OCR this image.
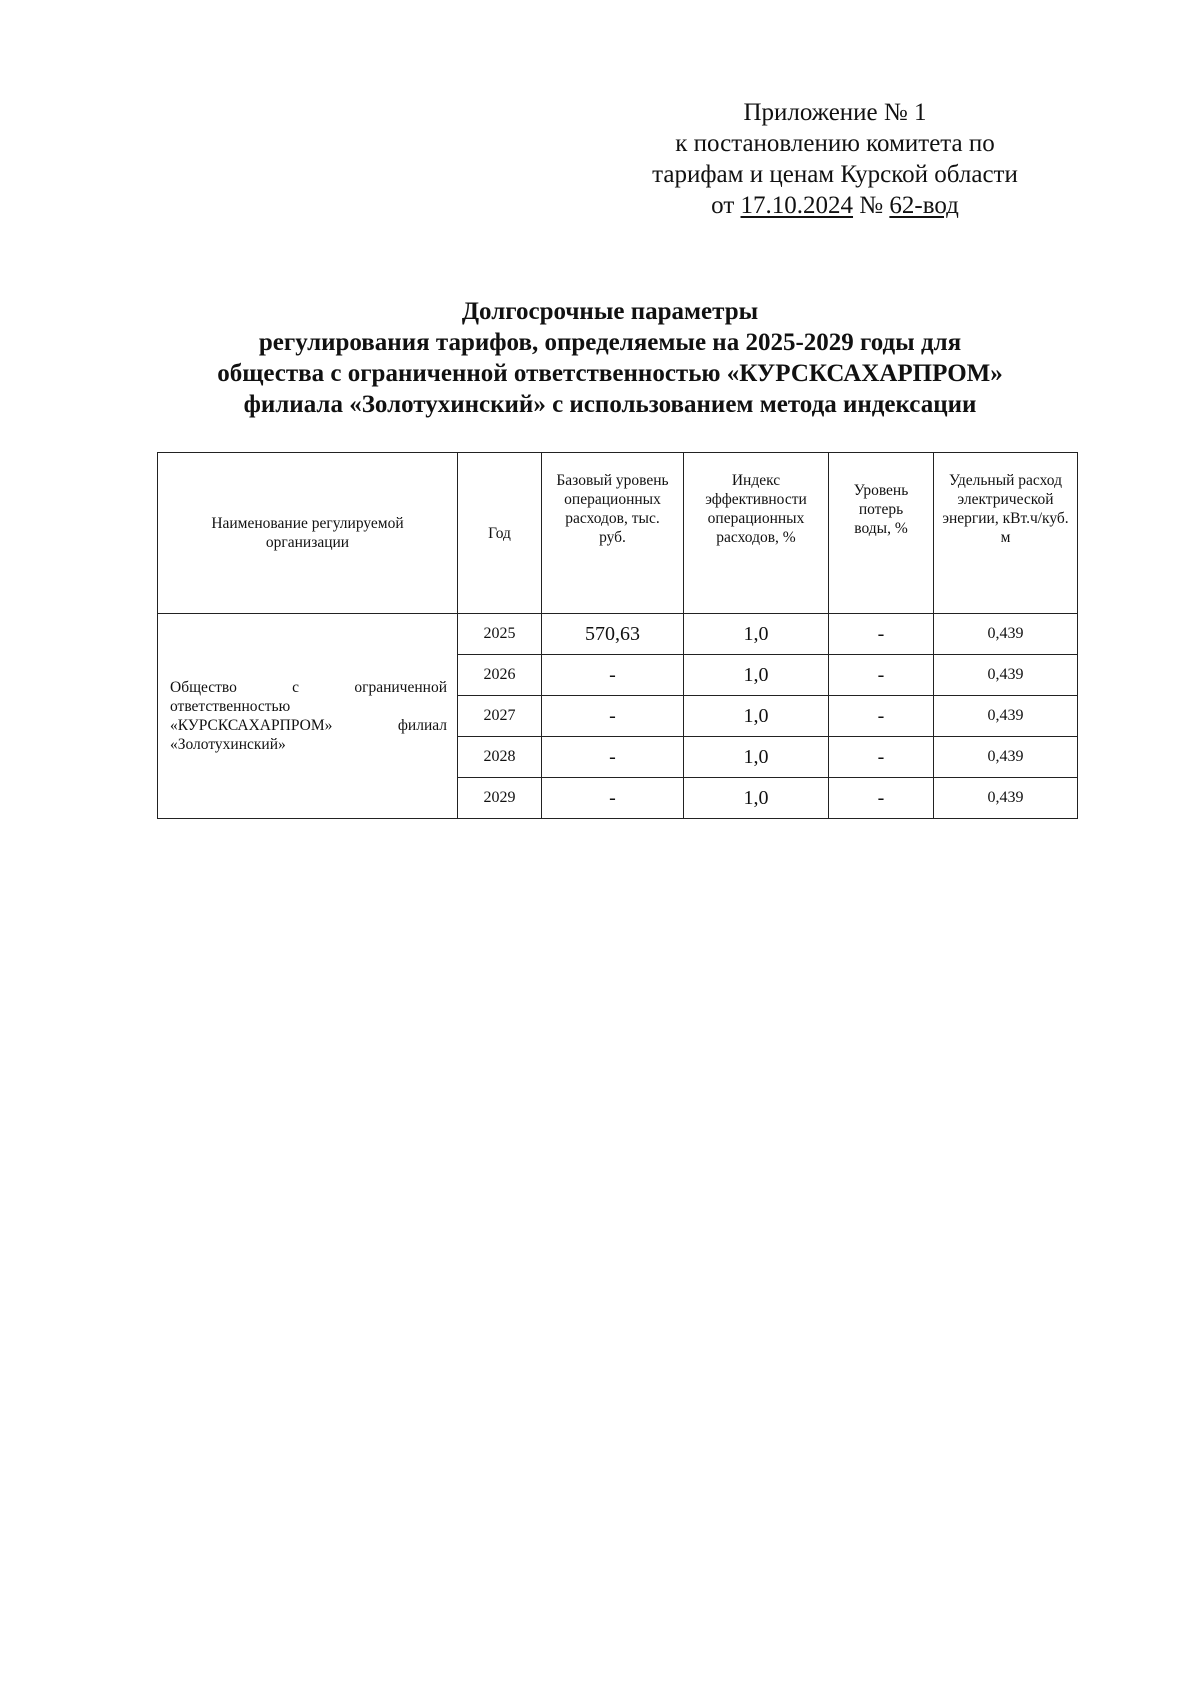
Приложение № 1
к постановлению комитета по
тарифам и ценам Курской области
от 17.10.2024 № 62-вод
Долгосрочные параметры
регулирования тарифов, определяемые на 2025-2029 годы для
общества с ограниченной ответственностью «КУРСКСАХАРПРОМ»
филиала «Золотухинский» с использованием метода индексации
Наименование регулируемой организации	Год	Базовый уровень операционных расходов, тыс. руб.	Индекс эффективности операционных расходов, %	Уровень потерь воды, %	Удельный расход электрической энергии, кВт.ч/куб. м

Общество с ограниченной ответственностью «КУРСКСАХАРПРОМ» филиал «Золотухинский»	2025	570,63	1,0	-	0,439
	2026	-	1,0	-	0,439
	2027	-	1,0	-	0,439
	2028	-	1,0	-	0,439
	2029	-	1,0	-	0,439
